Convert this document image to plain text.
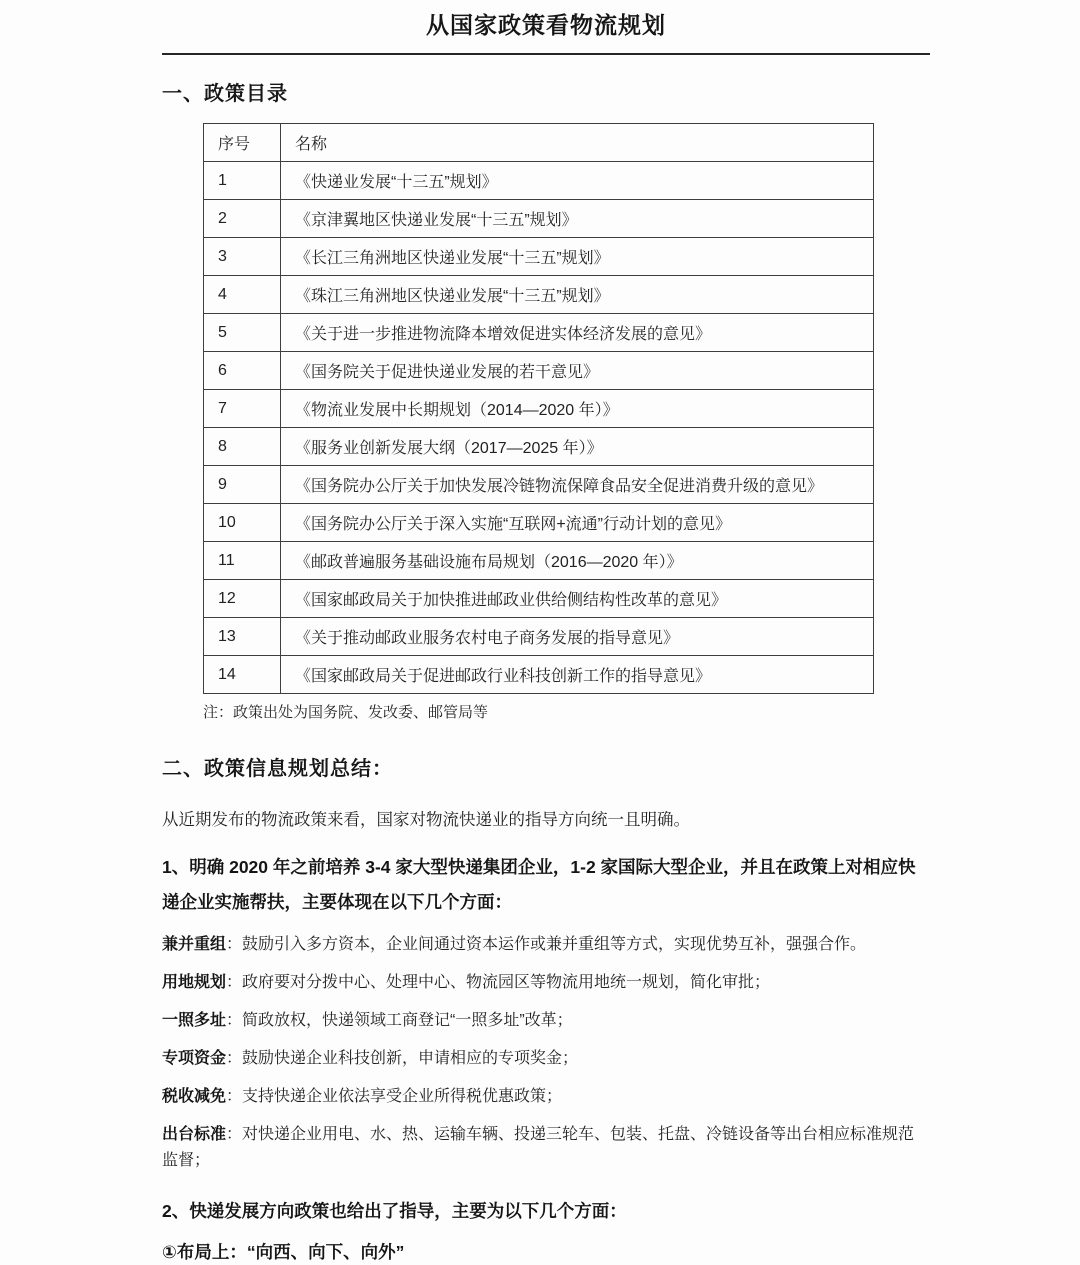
从国家政策看物流规划
一、政策目录
序号	名称
1	《快递业发展“十三五”规划》
2	《京津翼地区快递业发展“十三五”规划》
3	《长江三角洲地区快递业发展“十三五”规划》
4	《珠江三角洲地区快递业发展“十三五”规划》
5	《关于进一步推进物流降本增效促进实体经济发展的意见》
6	《国务院关于促进快递业发展的若干意见》
7	《物流业发展中长期规划（2014—2020 年）》
8	《服务业创新发展大纲（2017—2025 年）》
9	《国务院办公厅关于加快发展冷链物流保障食品安全促进消费升级的意见》
10	《国务院办公厅关于深入实施“互联网+流通”行动计划的意见》
11	《邮政普遍服务基础设施布局规划（2016—2020 年）》
12	《国家邮政局关于加快推进邮政业供给侧结构性改革的意见》
13	《关于推动邮政业服务农村电子商务发展的指导意见》
14	《国家邮政局关于促进邮政行业科技创新工作的指导意见》

注：政策出处为国务院、发改委、邮管局等

二、政策信息规划总结：

从近期发布的物流政策来看，国家对物流快递业的指导方向统一且明确。

1、明确 2020 年之前培养 3-4 家大型快递集团企业，1-2 家国际大型企业，并且在政策上对相应快递企业实施帮扶，主要体现在以下几个方面：

兼并重组：鼓励引入多方资本，企业间通过资本运作或兼并重组等方式，实现优势互补，强强合作。

用地规划：政府要对分拨中心、处理中心、物流园区等物流用地统一规划，简化审批；

一照多址：简政放权，快递领域工商登记“一照多址”改革；

专项资金：鼓励快递企业科技创新，申请相应的专项奖金；

税收减免：支持快递企业依法享受企业所得税优惠政策；

出台标准：对快递企业用电、水、热、运输车辆、投递三轮车、包装、托盘、冷链设备等出台相应标准规范监督；

2、快递发展方向政策也给出了指导，主要为以下几个方面：

①布局上：“向西、向下、向外”
